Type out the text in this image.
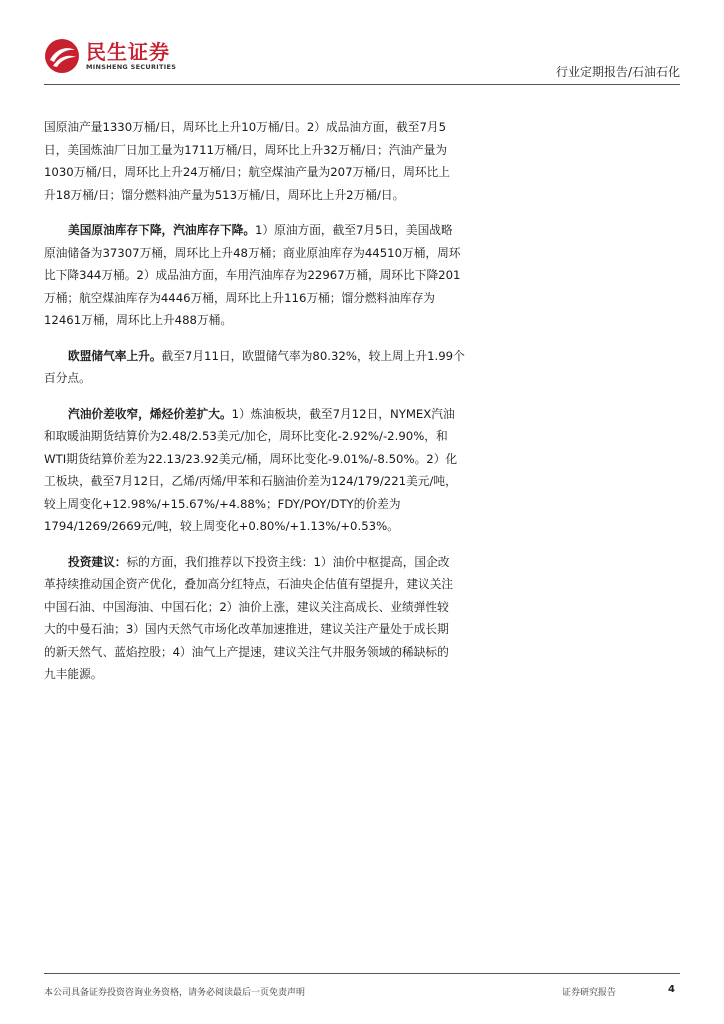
民生证券
MINSHENG SECURITIES	行业定期报告/石油石化

国原油产量1330万桶/日，周环比上升10万桶/日。2）成品油方面，截至7月5
日，美国炼油厂日加工量为1711万桶/日，周环比上升32万桶/日；汽油产量为
1030万桶/日，周环比上升24万桶/日；航空煤油产量为207万桶/日，周环比上
升18万桶/日；馏分燃料油产量为513万桶/日，周环比上升2万桶/日。

美国原油库存下降，汽油库存下降。1）原油方面，截至7月5日，美国战略
原油储备为37307万桶，周环比上升48万桶；商业原油库存为44510万桶，周环
比下降344万桶。2）成品油方面，车用汽油库存为22967万桶，周环比下降201
万桶；航空煤油库存为4446万桶，周环比上升116万桶；馏分燃料油库存为
12461万桶，周环比上升488万桶。

欧盟储气率上升。截至7月11日，欧盟储气率为80.32%，较上周上升1.99个
百分点。

汽油价差收窄，烯烃价差扩大。1）炼油板块，截至7月12日，NYMEX汽油
和取暖油期货结算价为2.48/2.53美元/加仑，周环比变化-2.92%/-2.90%，和
WTI期货结算价差为22.13/23.92美元/桶，周环比变化-9.01%/-8.50%。2）化
工板块，截至7月12日，乙烯/丙烯/甲苯和石脑油价差为124/179/221美元/吨，
较上周变化+12.98%/+15.67%/+4.88%；FDY/POY/DTY的价差为
1794/1269/2669元/吨，较上周变化+0.80%/+1.13%/+0.53%。

投资建议：标的方面，我们推荐以下投资主线：1）油价中枢提高，国企改
革持续推动国企资产优化，叠加高分红特点，石油央企估值有望提升，建议关注
中国石油、中国海油、中国石化；2）油价上涨，建议关注高成长、业绩弹性较
大的中曼石油；3）国内天然气市场化改革加速推进，建议关注产量处于成长期
的新天然气、蓝焰控股；4）油气上产提速，建议关注气井服务领域的稀缺标的
九丰能源。

本公司具备证券投资咨询业务资格，请务必阅读最后一页免责声明	证券研究报告	4
